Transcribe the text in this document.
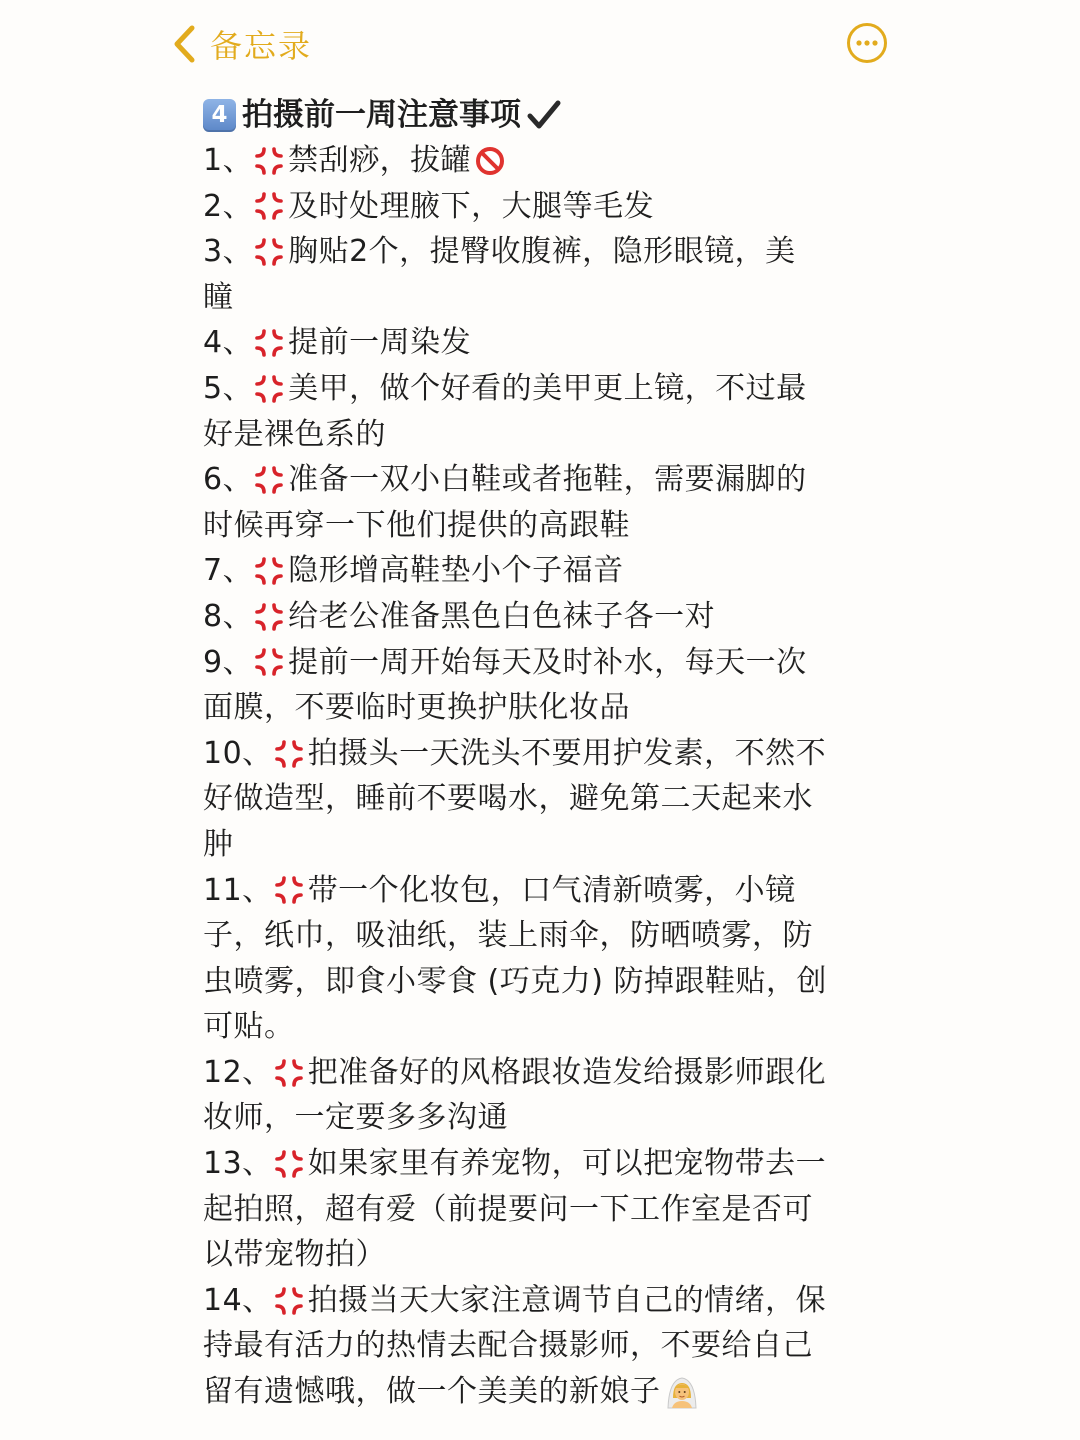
备忘录
4 拍摄前一周注意事项
1、 禁刮痧，拔罐
2、 及时处理腋下，大腿等毛发
3、 胸贴2个，提臀收腹裤，隐形眼镜，美
瞳
4、 提前一周染发
5、 美甲，做个好看的美甲更上镜，不过最
好是裸色系的
6、 准备一双小白鞋或者拖鞋，需要漏脚的
时候再穿一下他们提供的高跟鞋
7、 隐形增高鞋垫小个子福音
8、 给老公准备黑色白色袜子各一对
9、 提前一周开始每天及时补水，每天一次
面膜，不要临时更换护肤化妆品
10、 拍摄头一天洗头不要用护发素，不然不
好做造型，睡前不要喝水，避免第二天起来水
肿
11、 带一个化妆包，口气清新喷雾，小镜
子，纸巾，吸油纸，装上雨伞，防晒喷雾，防
虫喷雾，即食小零食 (巧克力) 防掉跟鞋贴，创
可贴。
12、 把准备好的风格跟妆造发给摄影师跟化
妆师，一定要多多沟通
13、 如果家里有养宠物，可以把宠物带去一
起拍照，超有爱（前提要问一下工作室是否可
以带宠物拍）
14、 拍摄当天大家注意调节自己的情绪，保
持最有活力的热情去配合摄影师，不要给自己
留有遗憾哦，做一个美美的新娘子
